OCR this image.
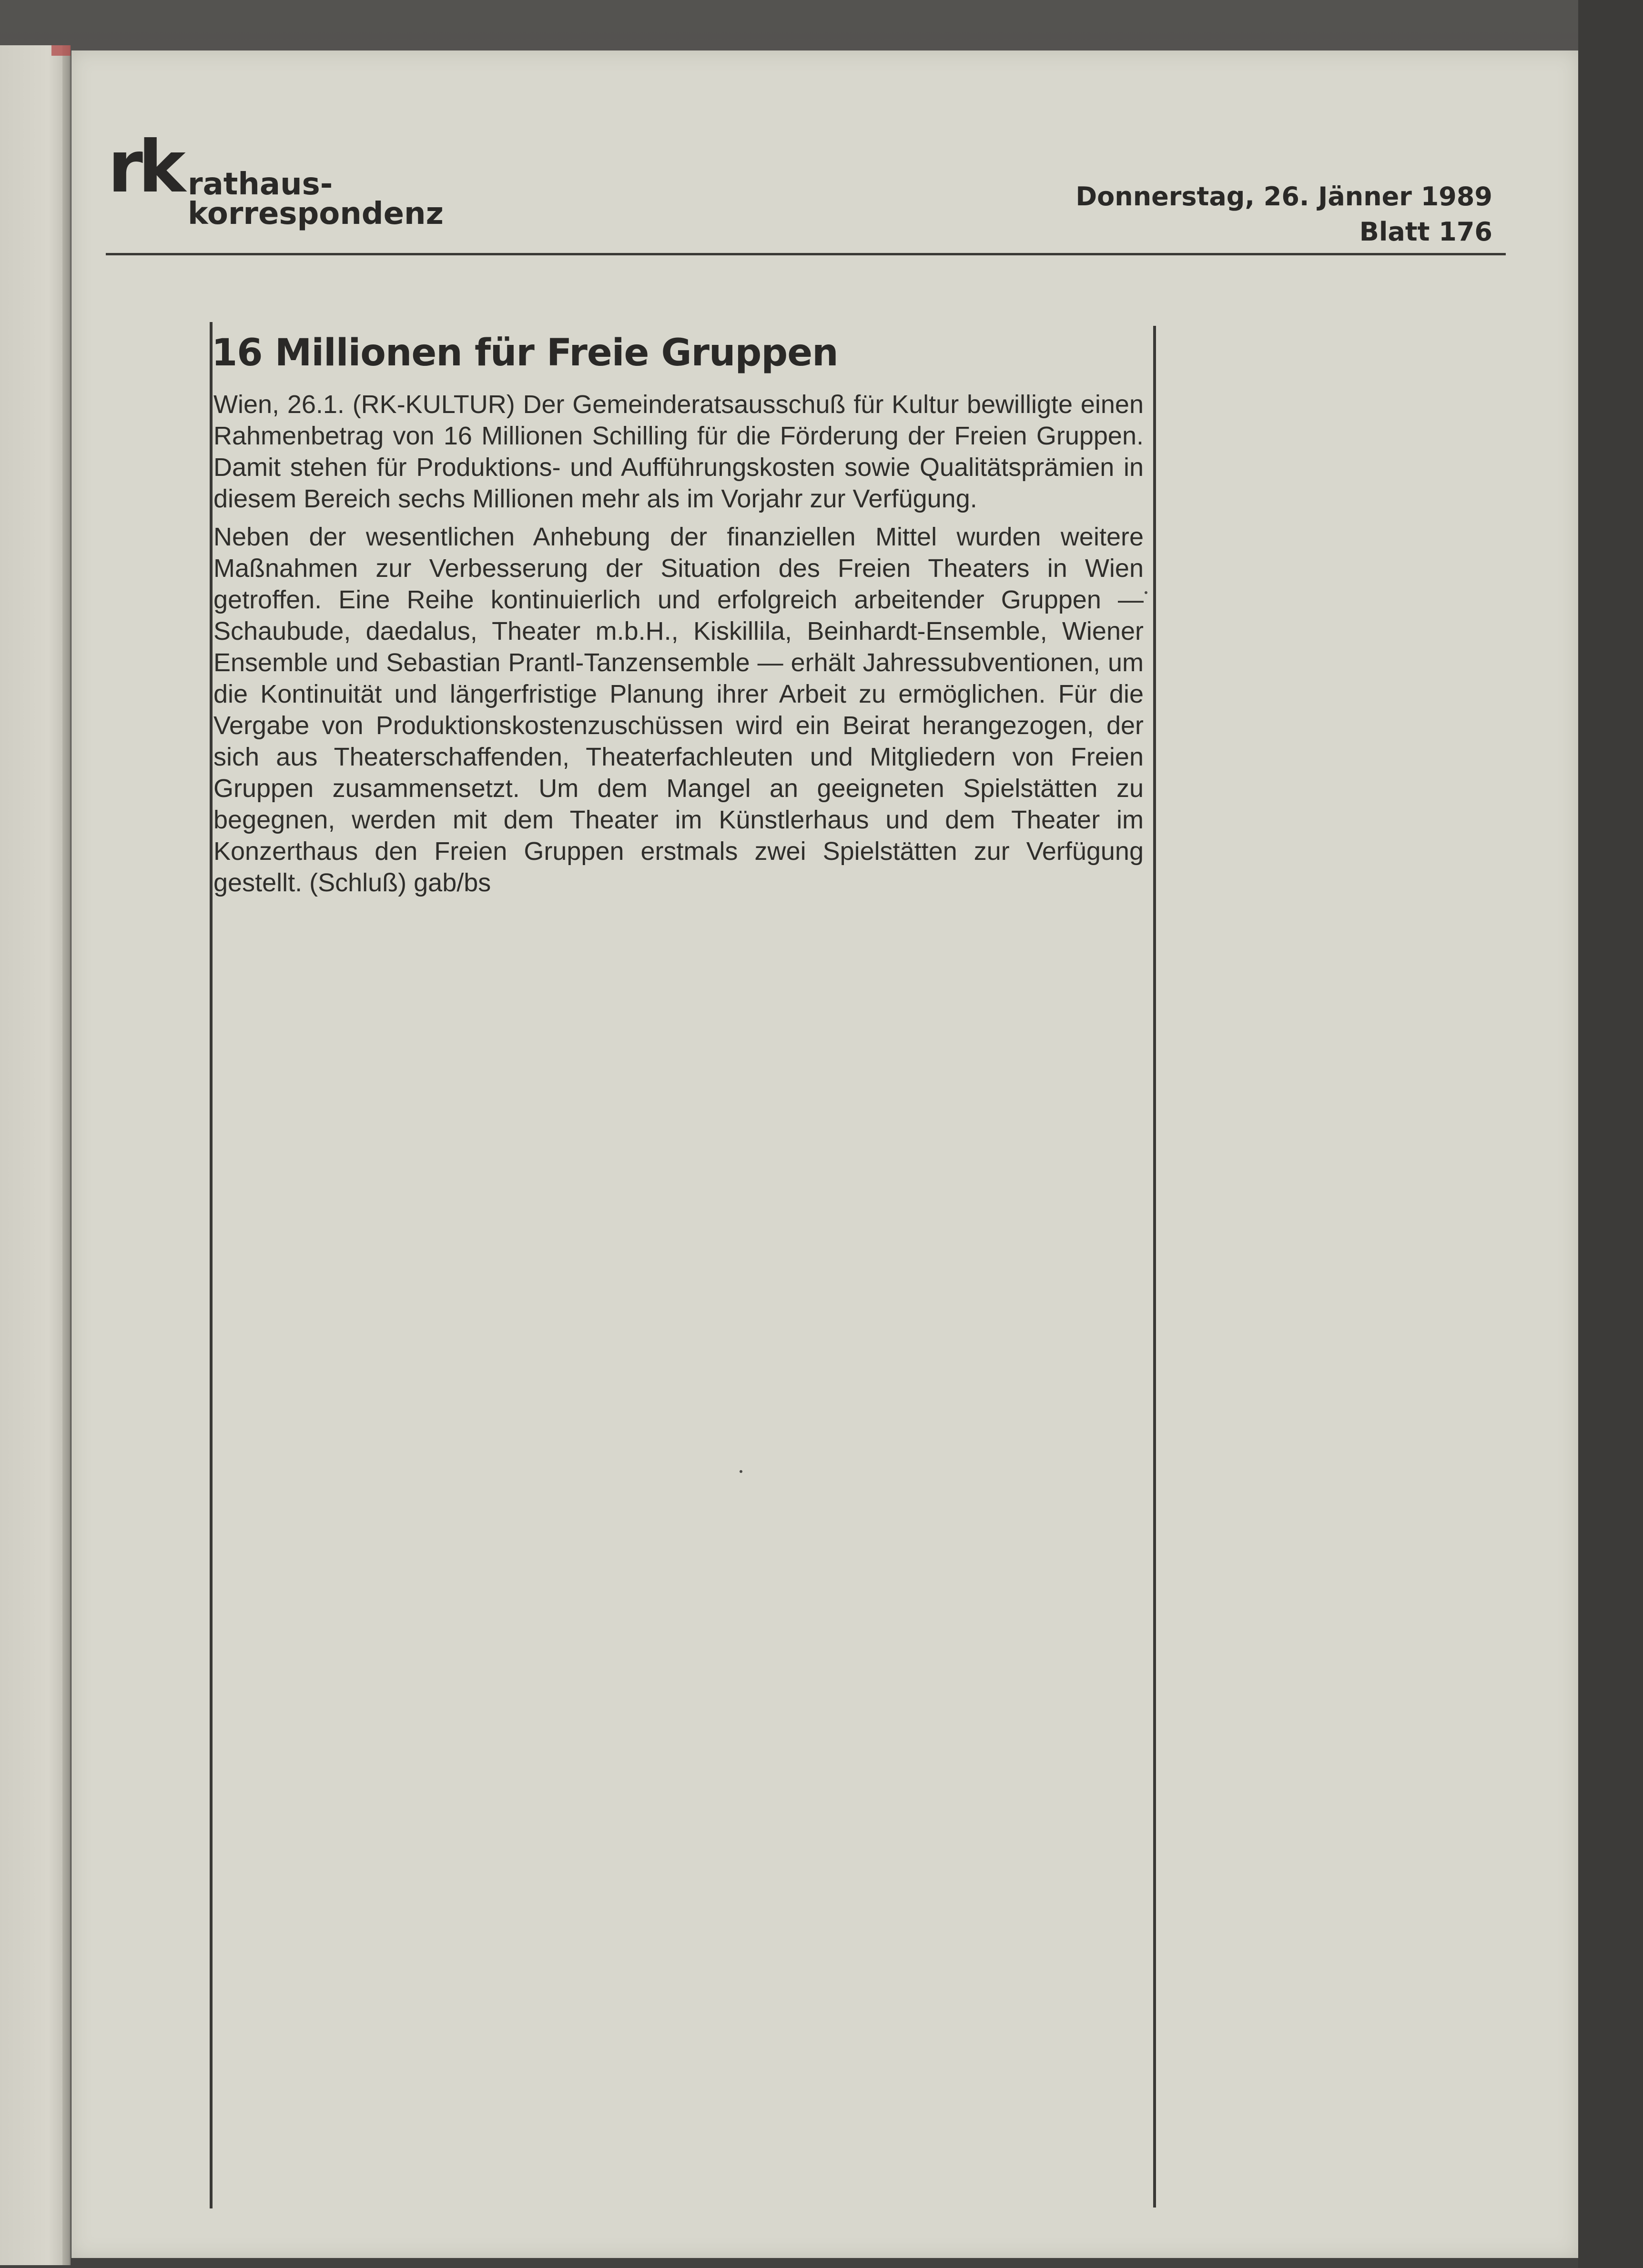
rk rathaus-
korrespondenz	Donnerstag, 26. Jänner 1989
Blatt 176
16 Millionen für Freie Gruppen

Wien, 26.1. (RK-KULTUR) Der Gemeinderatsausschuß für Kultur bewilligte einen Rahmenbetrag von 16 Millionen Schilling für die Förderung der Freien Gruppen. Damit stehen für Produktions- und Aufführungskosten sowie Qualitätsprämien in diesem Bereich sechs Millionen mehr als im Vorjahr zur Verfügung.

Neben der wesentlichen Anhebung der finanziellen Mittel wurden weitere Maßnahmen zur Verbesserung der Situation des Freien Theaters in Wien getroffen. Eine Reihe kontinuierlich und erfolgreich arbeitender Gruppen — Schaubude, daedalus, Theater m.b.H., Kiskillila, Beinhardt-Ensemble, Wiener Ensemble und Sebastian Prantl-Tanzensemble — erhält Jahressubventionen, um die Kontinuität und längerfristige Planung ihrer Arbeit zu ermöglichen. Für die Vergabe von Produktionskostenzuschüssen wird ein Beirat herangezogen, der sich aus Theaterschaffenden, Theaterfachleuten und Mitgliedern von Freien Gruppen zusammensetzt. Um dem Mangel an geeigneten Spielstätten zu begegnen, werden mit dem Theater im Künstlerhaus und dem Theater im Konzerthaus den Freien Gruppen erstmals zwei Spielstätten zur Verfügung gestellt. (Schluß) gab/bs
